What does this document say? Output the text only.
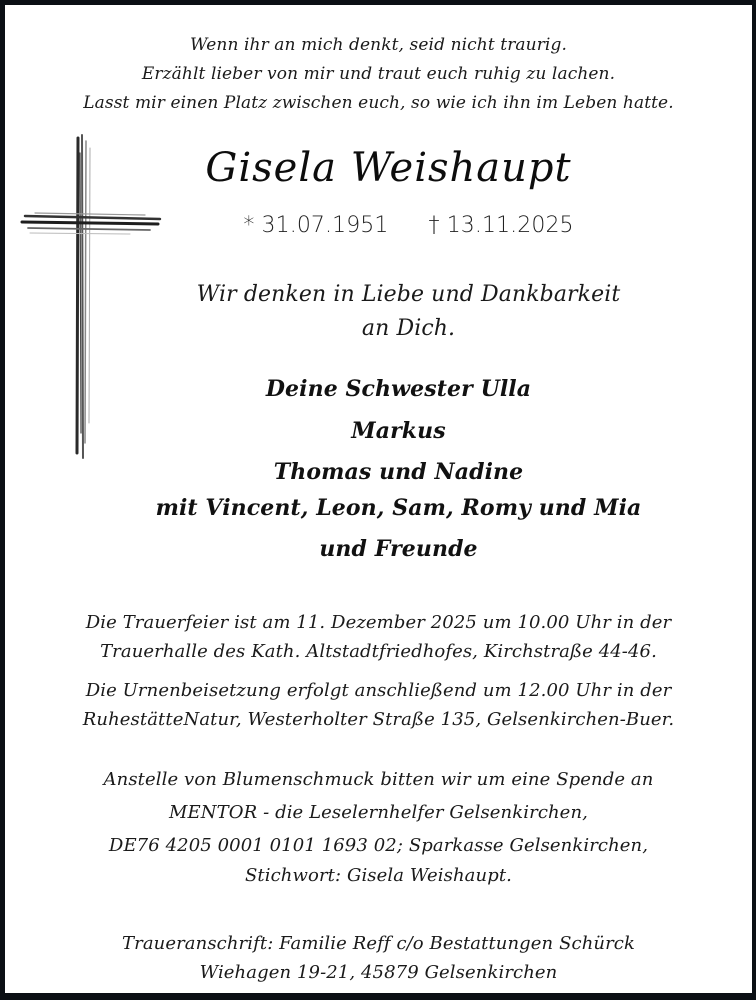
Wenn ihr an mich denkt, seid nicht traurig.
Erzählt lieber von mir und traut euch ruhig zu lachen.
Lasst mir einen Platz zwischen euch, so wie ich ihn im Leben hatte.
Gisela Weishaupt
* 31.07.1951 † 13.11.2025
Wir denken in Liebe und Dankbarkeit
an Dich.
Deine Schwester Ulla
Markus
Thomas und Nadine
mit Vincent, Leon, Sam, Romy und Mia
und Freunde
Die Trauerfeier ist am 11. Dezember 2025 um 10.00 Uhr in der
Trauerhalle des Kath. Altstadtfriedhofes, Kirchstraße 44-46.
Die Urnenbeisetzung erfolgt anschließend um 12.00 Uhr in der
RuhestätteNatur, Westerholter Straße 135, Gelsenkirchen-Buer.
Anstelle von Blumenschmuck bitten wir um eine Spende an
MENTOR - die Leselernhelfer Gelsenkirchen,
DE76 4205 0001 0101 1693 02; Sparkasse Gelsenkirchen,
Stichwort: Gisela Weishaupt.
Traueranschrift: Familie Reff c/o Bestattungen Schürck
Wiehagen 19-21, 45879 Gelsenkirchen
